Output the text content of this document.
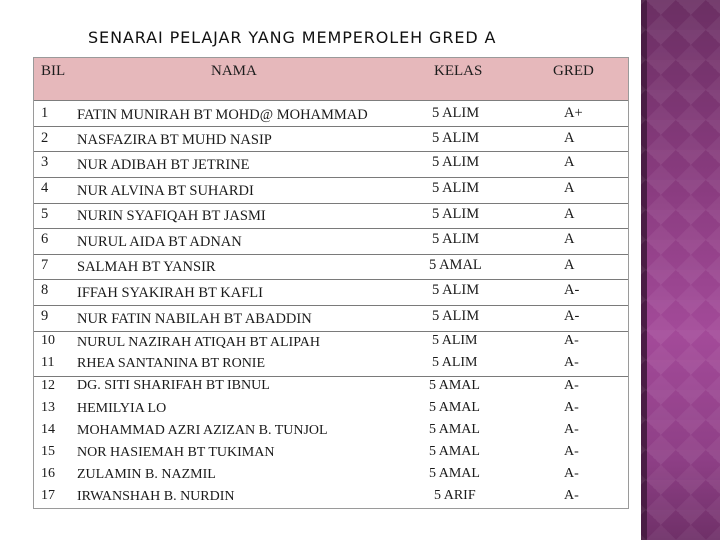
SENARAI PELAJAR YANG MEMPEROLEH GRED A
BIL	NAMA	KELAS	GRED
1 FATIN MUNIRAH BT MOHD@ MOHAMMAD	5 ALIM	A+
2 NASFAZIRA BT MUHD NASIP	5 ALIM	A
3 NUR ADIBAH BT JETRINE	5 ALIM	A
4 NUR ALVINA BT SUHARDI	5 ALIM	A
5 NURIN SYAFIQAH BT JASMI	5 ALIM	A
6 NURUL AIDA BT ADNAN	5 ALIM	A
7 SALMAH BT YANSIR	5 AMAL	A
8 IFFAH SYAKIRAH BT KAFLI	5 ALIM	A-
9 NUR FATIN NABILAH BT ABADDIN	5 ALIM	A-
10 NURUL NAZIRAH ATIQAH BT ALIPAH	5 ALIM	A-
11 RHEA SANTANINA BT RONIE	5 ALIM	A-
12 DG. SITI SHARIFAH BT IBNUL	5 AMAL	A-
13 HEMILYIA LO	5 AMAL	A-
14 MOHAMMAD AZRI AZIZAN B. TUNJOL	5 AMAL	A-
15 NOR HASIEMAH BT TUKIMAN	5 AMAL	A-
16 ZULAMIN B. NAZMIL	5 AMAL	A-
17 IRWANSHAH B. NURDIN	5 ARIF	A-
